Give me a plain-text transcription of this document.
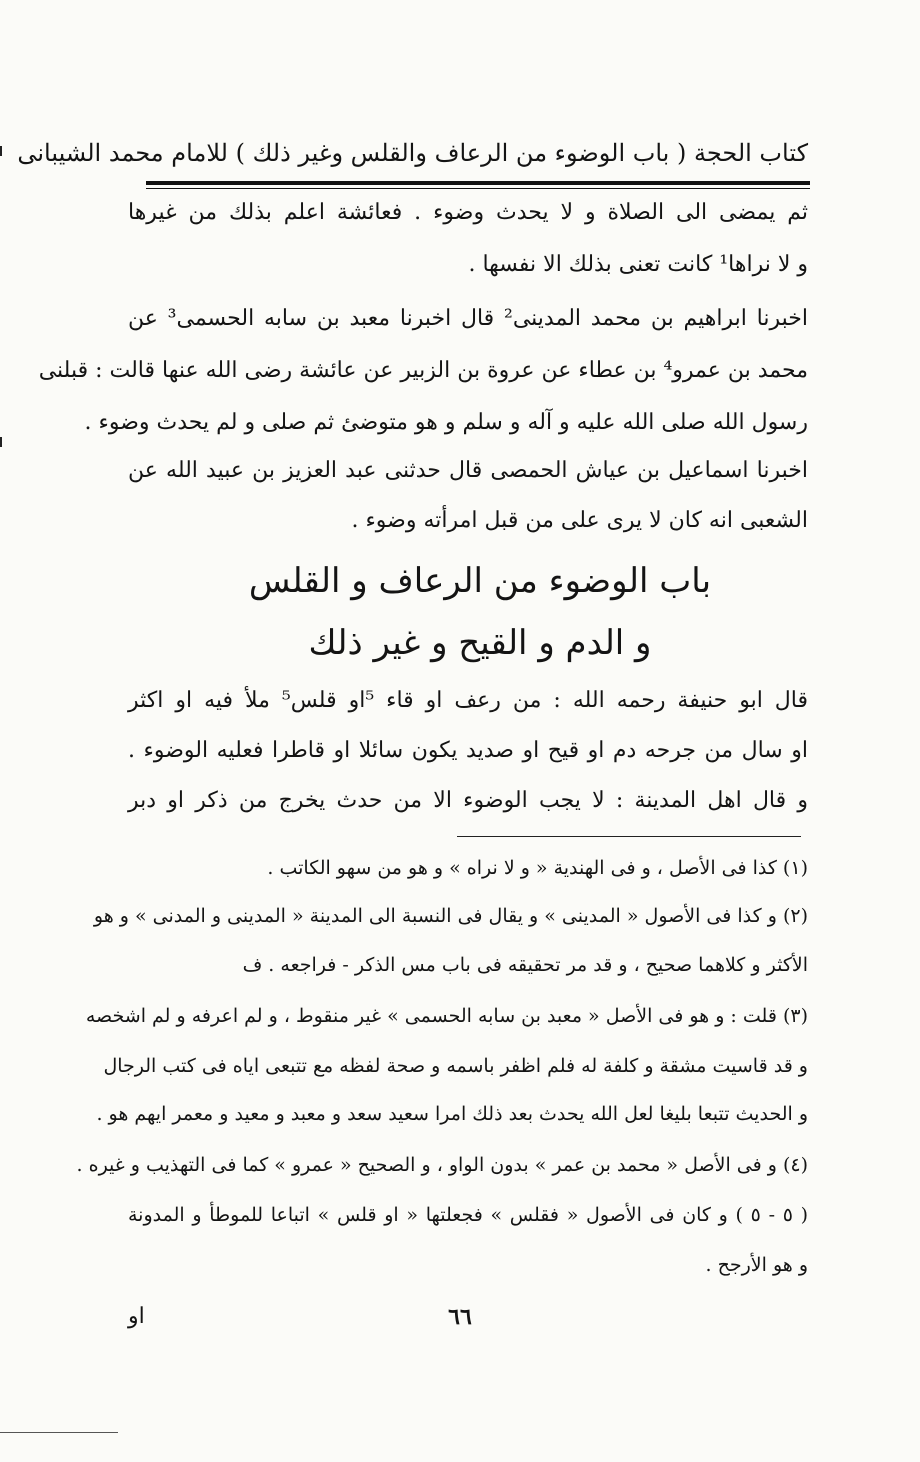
كتاب الحجة ( باب الوضوء من الرعاف والقلس وغير ذلك ) للامام محمد الشيبانى
ثم يمضى الى الصلاة و لا يحدث وضوء . فعائشة اعلم بذلك من غيرها
و لا نراها¹ كانت تعنى بذلك الا نفسها .
اخبرنا ابراهيم بن محمد المدينى² قال اخبرنا معبد بن سابه الحسمى³ عن
محمد بن عمرو⁴ بن عطاء عن عروة بن الزبير عن عائشة رضى الله عنها قالت : قبلنى
رسول الله صلى الله عليه و آله و سلم و هو متوضئ ثم صلى و لم يحدث وضوء .
اخبرنا اسماعيل بن عياش الحمصى قال حدثنى عبد العزيز بن عبيد الله عن
الشعبى انه كان لا يرى على من قبل امرأته وضوء .
باب الوضوء من الرعاف و القلس
و الدم و القيح و غير ذلك
قال ابو حنيفة رحمه الله : من رعف او قاء ⁵او قلس⁵ ملأ فيه او اكثر
او سال من جرحه دم او قيح او صديد يكون سائلا او قاطرا فعليه الوضوء .
و قال اهل المدينة : لا يجب الوضوء الا من حدث يخرج من ذكر او دبر
(١) كذا فى الأصل ، و فى الهندية « و لا نراه » و هو من سهو الكاتب .
(٢) و كذا فى الأصول « المدينى » و يقال فى النسبة الى المدينة « المدينى و المدنى » و هو
الأكثر و كلاهما صحيح ، و قد مر تحقيقه فى باب مس الذكر - فراجعه . ف
(٣) قلت : و هو فى الأصل « معبد بن سابه الحسمى » غير منقوط ، و لم اعرفه و لم اشخصه
و قد قاسيت مشقة و كلفة له فلم اظفر باسمه و صحة لفظه مع تتبعى اياه فى كتب الرجال
و الحديث تتبعا بليغا لعل الله يحدث بعد ذلك امرا سعيد سعد و معبد و معيد و معمر ايهم هو .
(٤) و فى الأصل « محمد بن عمر » بدون الواو ، و الصحيح « عمرو » كما فى التهذيب و غيره .
( ٥ - ٥ ) و كان فى الأصول « فقلس » فجعلتها « او قلس » اتباعا للموطأ و المدونة
و هو الأرجح .
٦٦
او
